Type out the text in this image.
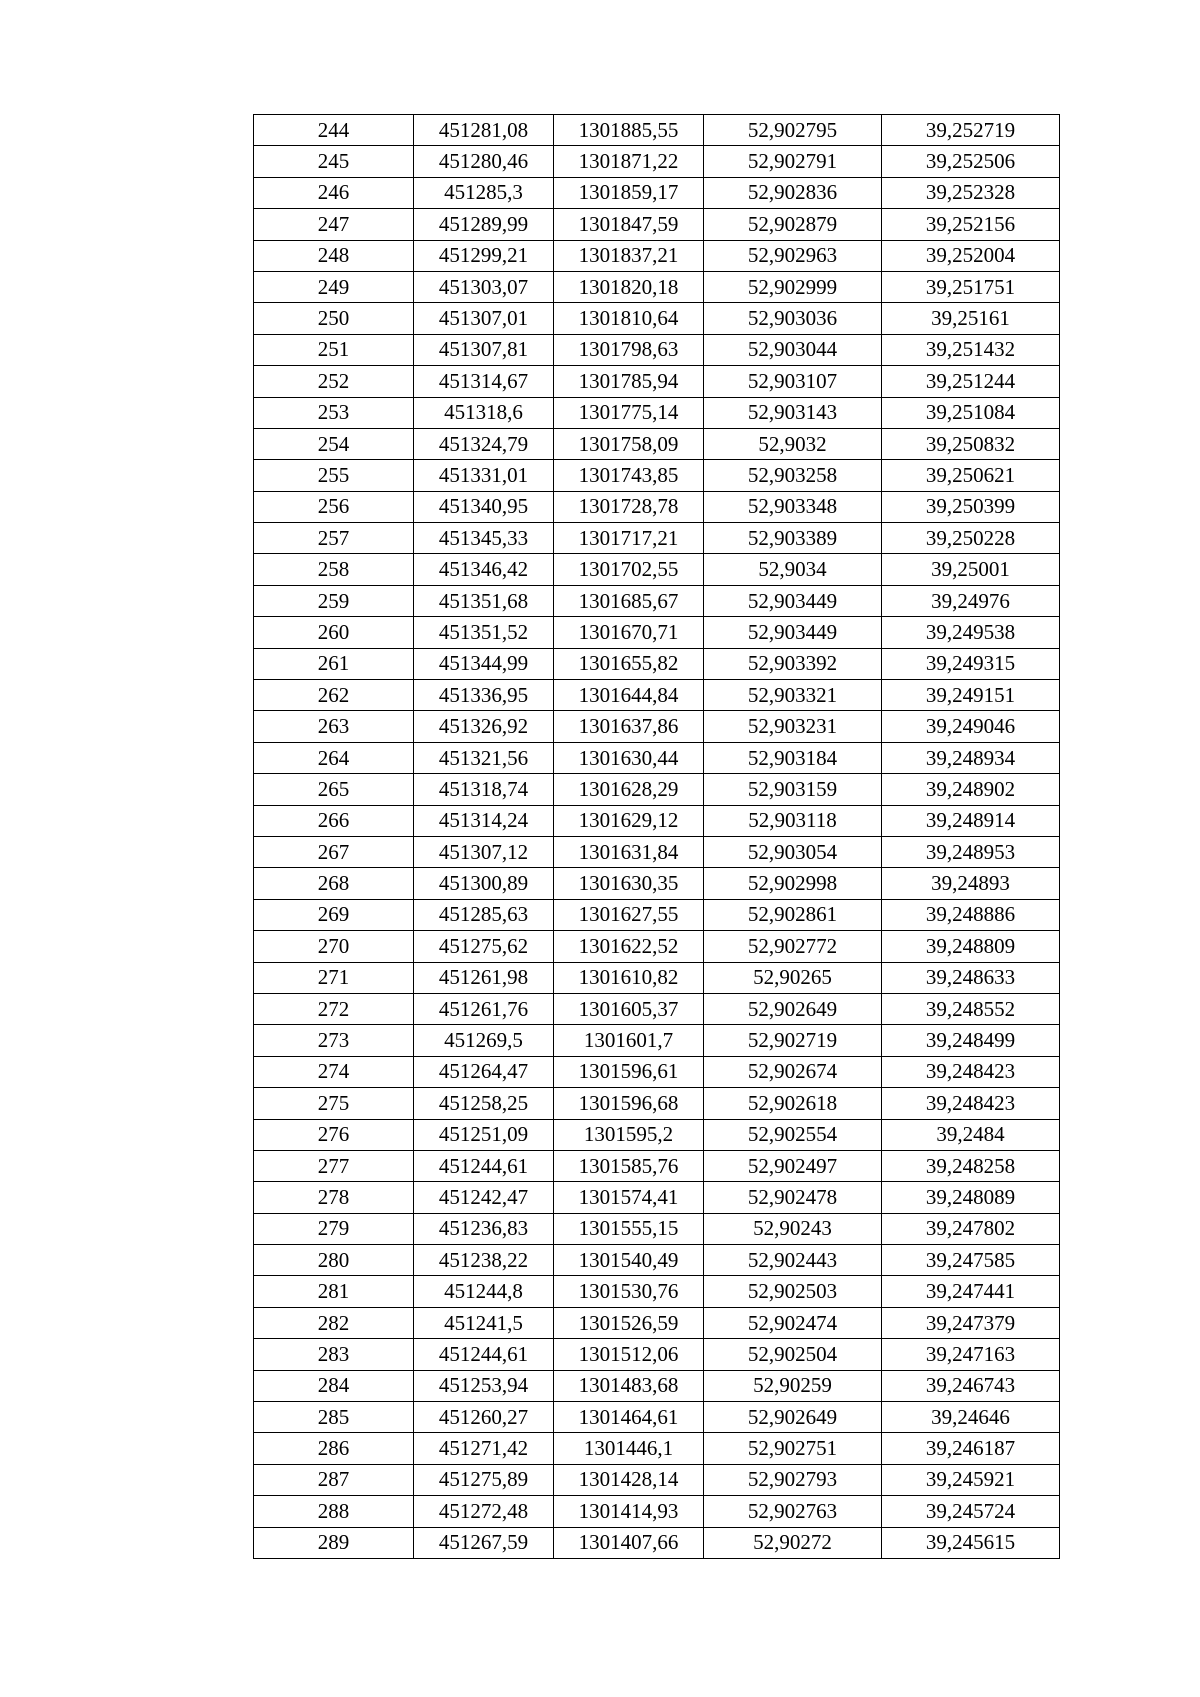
244	451281,08	1301885,55	52,902795	39,252719
245	451280,46	1301871,22	52,902791	39,252506
246	451285,3	1301859,17	52,902836	39,252328
247	451289,99	1301847,59	52,902879	39,252156
248	451299,21	1301837,21	52,902963	39,252004
249	451303,07	1301820,18	52,902999	39,251751
250	451307,01	1301810,64	52,903036	39,25161
251	451307,81	1301798,63	52,903044	39,251432
252	451314,67	1301785,94	52,903107	39,251244
253	451318,6	1301775,14	52,903143	39,251084
254	451324,79	1301758,09	52,9032	39,250832
255	451331,01	1301743,85	52,903258	39,250621
256	451340,95	1301728,78	52,903348	39,250399
257	451345,33	1301717,21	52,903389	39,250228
258	451346,42	1301702,55	52,9034	39,25001
259	451351,68	1301685,67	52,903449	39,24976
260	451351,52	1301670,71	52,903449	39,249538
261	451344,99	1301655,82	52,903392	39,249315
262	451336,95	1301644,84	52,903321	39,249151
263	451326,92	1301637,86	52,903231	39,249046
264	451321,56	1301630,44	52,903184	39,248934
265	451318,74	1301628,29	52,903159	39,248902
266	451314,24	1301629,12	52,903118	39,248914
267	451307,12	1301631,84	52,903054	39,248953
268	451300,89	1301630,35	52,902998	39,24893
269	451285,63	1301627,55	52,902861	39,248886
270	451275,62	1301622,52	52,902772	39,248809
271	451261,98	1301610,82	52,90265	39,248633
272	451261,76	1301605,37	52,902649	39,248552
273	451269,5	1301601,7	52,902719	39,248499
274	451264,47	1301596,61	52,902674	39,248423
275	451258,25	1301596,68	52,902618	39,248423
276	451251,09	1301595,2	52,902554	39,2484
277	451244,61	1301585,76	52,902497	39,248258
278	451242,47	1301574,41	52,902478	39,248089
279	451236,83	1301555,15	52,90243	39,247802
280	451238,22	1301540,49	52,902443	39,247585
281	451244,8	1301530,76	52,902503	39,247441
282	451241,5	1301526,59	52,902474	39,247379
283	451244,61	1301512,06	52,902504	39,247163
284	451253,94	1301483,68	52,90259	39,246743
285	451260,27	1301464,61	52,902649	39,24646
286	451271,42	1301446,1	52,902751	39,246187
287	451275,89	1301428,14	52,902793	39,245921
288	451272,48	1301414,93	52,902763	39,245724
289	451267,59	1301407,66	52,90272	39,245615
